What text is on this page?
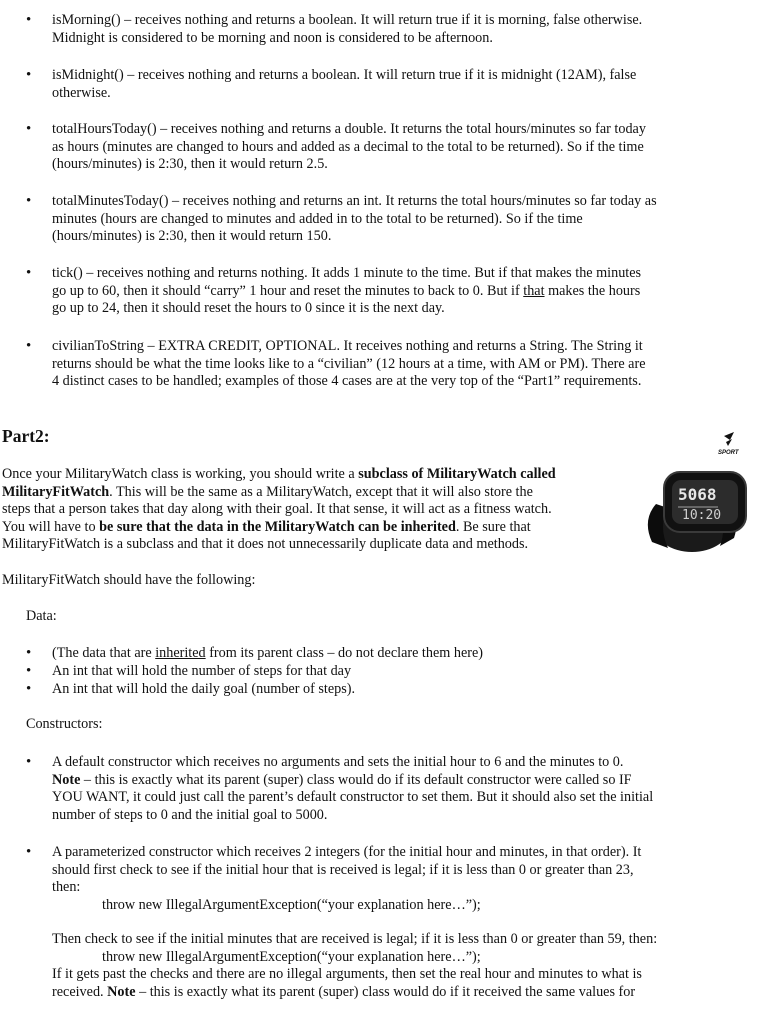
• isMorning() – receives nothing and returns a boolean. It will return true if it is morning, false otherwise.
Midnight is considered to be morning and noon is considered to be afternoon.
• isMidnight() – receives nothing and returns a boolean. It will return true if it is midnight (12AM), false
otherwise.
• totalHoursToday() – receives nothing and returns a double. It returns the total hours/minutes so far today
as hours (minutes are changed to hours and added as a decimal to the total to be returned). So if the time
(hours/minutes) is 2:30, then it would return 2.5.
• totalMinutesToday() – receives nothing and returns an int. It returns the total hours/minutes so far today as
minutes (hours are changed to minutes and added in to the total to be returned). So if the time
(hours/minutes) is 2:30, then it would return 150.
• tick() – receives nothing and returns nothing. It adds 1 minute to the time. But if that makes the minutes
go up to 60, then it should “carry” 1 hour and reset the minutes to back to 0. But if that makes the hours
go up to 24, then it should reset the hours to 0 since it is the next day.
• civilianToString – EXTRA CREDIT, OPTIONAL. It receives nothing and returns a String. The String it
returns should be what the time looks like to a “civilian” (12 hours at a time, with AM or PM). There are
4 distinct cases to be handled; examples of those 4 cases are at the very top of the “Part1” requirements.
Part2:
Once your MilitaryWatch class is working, you should write a subclass of MilitaryWatch called
MilitaryFitWatch. This will be the same as a MilitaryWatch, except that it will also store the
steps that a person takes that day along with their goal. It that sense, it will act as a fitness watch.
You will have to be sure that the data in the MilitaryWatch can be inherited. Be sure that
MilitaryFitWatch is a subclass and that it does not unnecessarily duplicate data and methods.
SPORT
5068
10:20
MilitaryFitWatch should have the following:
Data:
• (The data that are inherited from its parent class – do not declare them here)
• An int that will hold the number of steps for that day
• An int that will hold the daily goal (number of steps).
Constructors:
• A default constructor which receives no arguments and sets the initial hour to 6 and the minutes to 0.
Note – this is exactly what its parent (super) class would do if its default constructor were called so IF
YOU WANT, it could just call the parent’s default constructor to set them. But it should also set the initial
number of steps to 0 and the initial goal to 5000.
• A parameterized constructor which receives 2 integers (for the initial hour and minutes, in that order). It
should first check to see if the initial hour that is received is legal; if it is less than 0 or greater than 23,
then:
throw new IllegalArgumentException(“your explanation here…”);
Then check to see if the initial minutes that are received is legal; if it is less than 0 or greater than 59, then:
throw new IllegalArgumentException(“your explanation here…”);
If it gets past the checks and there are no illegal arguments, then set the real hour and minutes to what is
received. Note – this is exactly what its parent (super) class would do if it received the same values for
